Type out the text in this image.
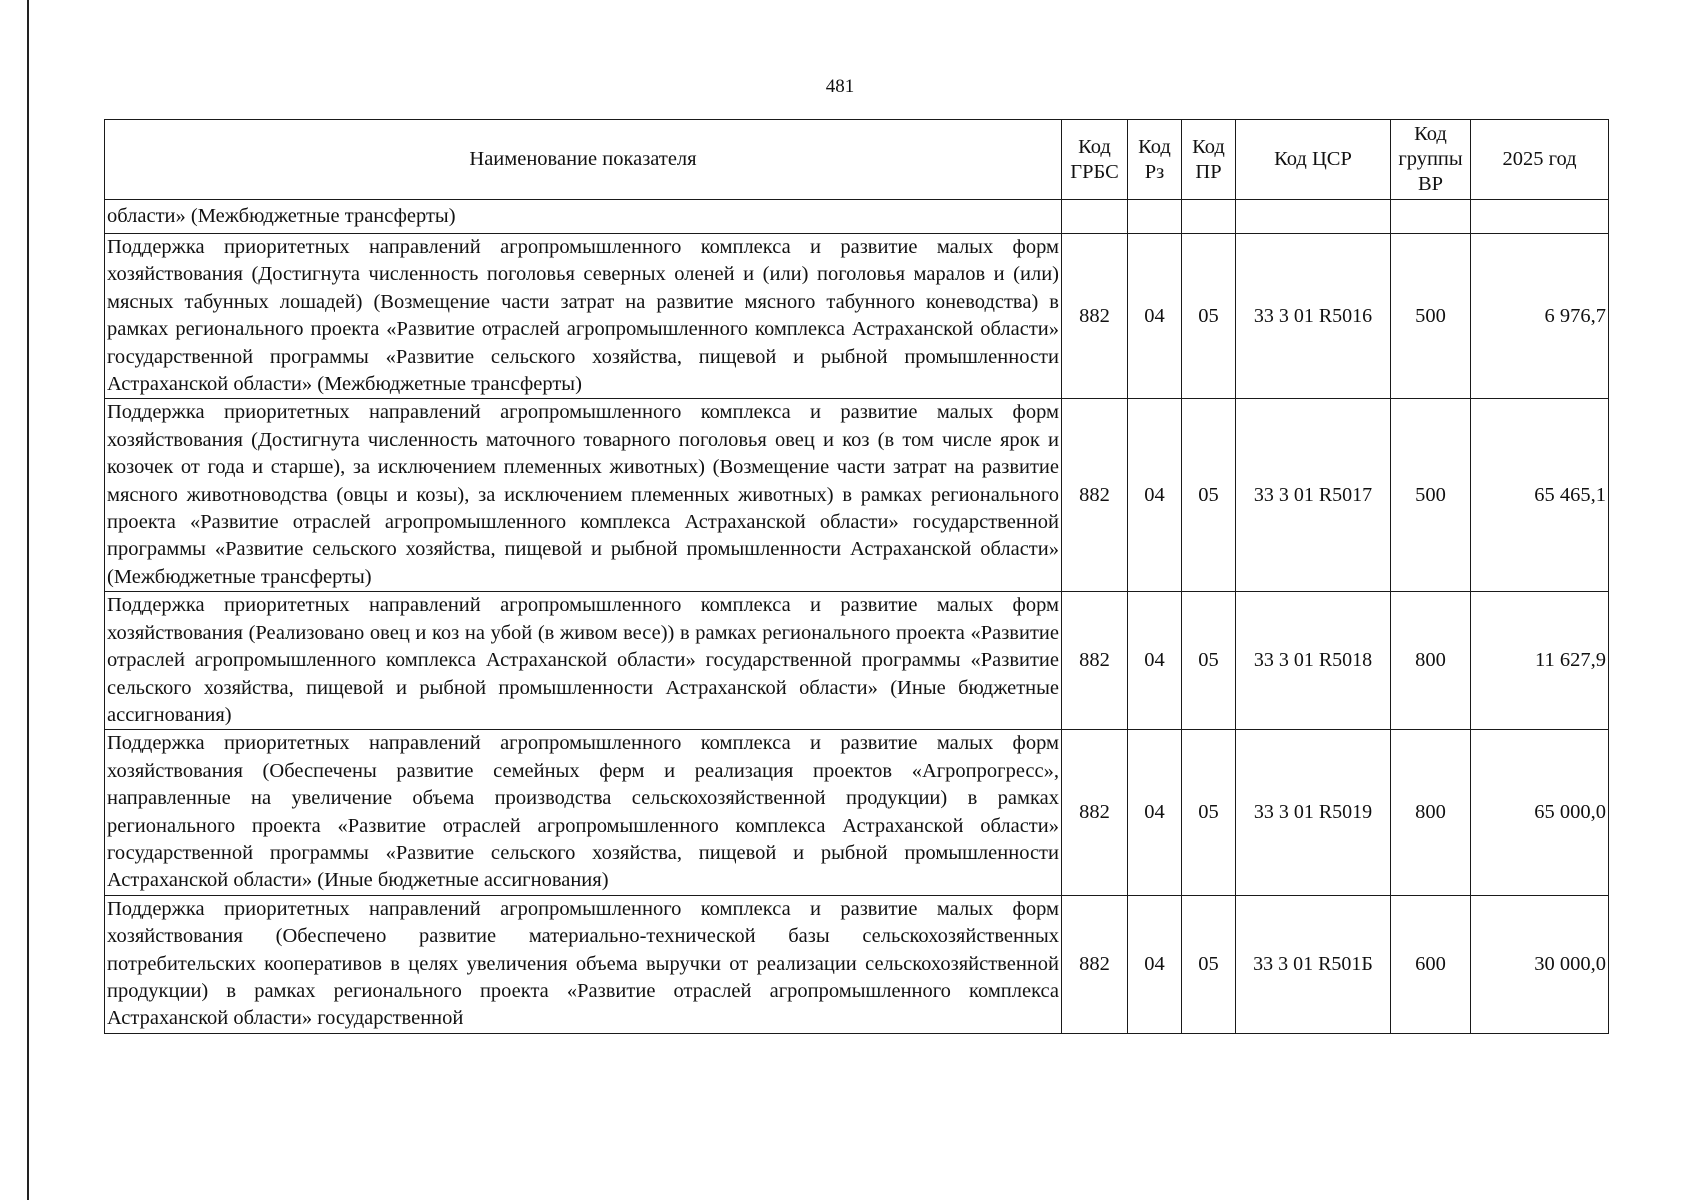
481
Наименование показателя	Код ГРБС	Код Рз	Код ПР	Код ЦСР	Код группы ВР	2025 год
области» (Межбюджетные трансферты)						
Поддержка приоритетных направлений агропромышленного комплекса и развитие малых форм хозяйствования (Достигнута численность поголовья северных оленей и (или) поголовья маралов и (или) мясных табунных лошадей) (Возмещение части затрат на развитие мясного табунного коневодства) в рамках регионального проекта «Развитие отраслей агропромышленного комплекса Астраханской области» государственной программы «Развитие сельского хозяйства, пищевой и рыбной промышленности Астраханской области» (Межбюджетные трансферты)	882	04	05	33 3 01 R5016	500	6 976,7
Поддержка приоритетных направлений агропромышленного комплекса и развитие малых форм хозяйствования (Достигнута численность маточного товарного поголовья овец и коз (в том числе ярок и козочек от года и старше), за исключением племенных животных) (Возмещение части затрат на развитие мясного животноводства (овцы и козы), за исключением племенных животных) в рамках регионального проекта «Развитие отраслей агропромышленного комплекса Астраханской области» государственной программы «Развитие сельского хозяйства, пищевой и рыбной промышленности Астраханской области» (Межбюджетные трансферты)	882	04	05	33 3 01 R5017	500	65 465,1
Поддержка приоритетных направлений агропромышленного комплекса и развитие малых форм хозяйствования (Реализовано овец и коз на убой (в живом весе)) в рамках регионального проекта «Развитие отраслей агропромышленного комплекса Астраханской области» государственной программы «Развитие сельского хозяйства, пищевой и рыбной промышленности Астраханской области» (Иные бюджетные ассигнования)	882	04	05	33 3 01 R5018	800	11 627,9
Поддержка приоритетных направлений агропромышленного комплекса и развитие малых форм хозяйствования (Обеспечены развитие семейных ферм и реализация проектов «Агропрогресс», направленные на увеличение объема производства сельскохозяйственной продукции) в рамках регионального проекта «Развитие отраслей агропромышленного комплекса Астраханской области» государственной программы «Развитие сельского хозяйства, пищевой и рыбной промышленности Астраханской области» (Иные бюджетные ассигнования)	882	04	05	33 3 01 R5019	800	65 000,0
Поддержка приоритетных направлений агропромышленного комплекса и развитие малых форм хозяйствования (Обеспечено развитие материально-технической базы сельскохозяйственных потребительских кооперативов в целях увеличения объема выручки от реализации сельскохозяйственной продукции) в рамках регионального проекта «Развитие отраслей агропромышленного комплекса Астраханской области» государственной	882	04	05	33 3 01 R501Б	600	30 000,0
